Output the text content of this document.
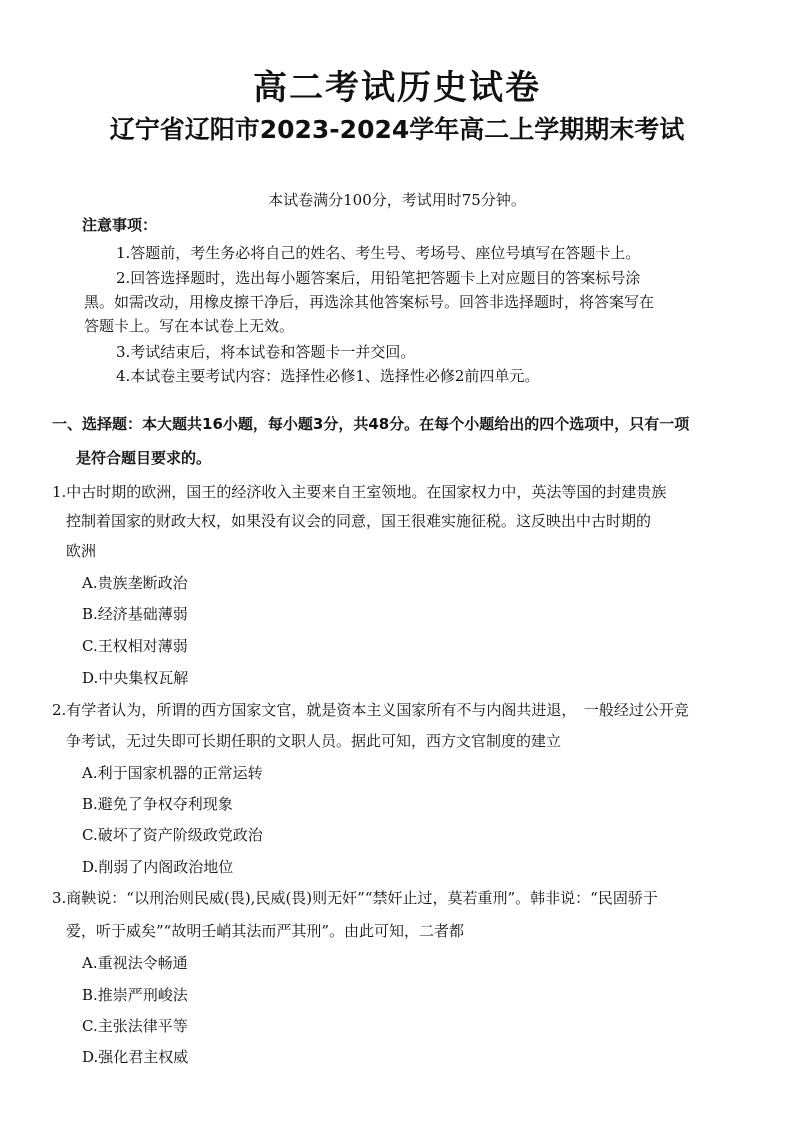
高二考试历史试卷
辽宁省辽阳市2023-2024学年高二上学期期末考试
本试卷满分100分，考试用时75分钟。
注意事项：
1.答题前，考生务必将自己的姓名、考生号、考场号、座位号填写在答题卡上。
2.回答选择题时，选出每小题答案后，用铅笔把答题卡上对应题目的答案标号涂
黑。如需改动，用橡皮擦干净后，再选涂其他答案标号。回答非选择题时，将答案写在
答题卡上。写在本试卷上无效。
3.考试结束后，将本试卷和答题卡一并交回。
4.本试卷主要考试内容：选择性必修1、选择性必修2前四单元。
一、选择题：本大题共16小题，每小题3分，共48分。在每个小题给出的四个选项中，只有一项
是符合题目要求的。
1.中古时期的欧洲，国王的经济收入主要来自王室领地。在国家权力中，英法等国的封建贵族
控制着国家的财政大权，如果没有议会的同意，国王很难实施征税。这反映出中古时期的
欧洲
A.贵族垄断政治
B.经济基础薄弱
C.王权相对薄弱
D.中央集权瓦解
2.有学者认为，所谓的西方国家文官，就是资本主义国家所有不与内阁共进退，　一般经过公开竞
争考试，无过失即可长期任职的文职人员。据此可知，西方文官制度的建立
A.利于国家机器的正常运转
B.避免了争权夺利现象
C.破坏了资产阶级政党政治
D.削弱了内阁政治地位
3.商鞅说：“以刑治则民威(畏),民威(畏)则无奸”“禁奸止过，莫若重刑”。韩非说：“民固骄于
爱，听于威矣”“故明壬峭其法而严其刑”。由此可知，二者都
A.重视法令畅通
B.推崇严刑峻法
C.主张法律平等
D.强化君主权威
